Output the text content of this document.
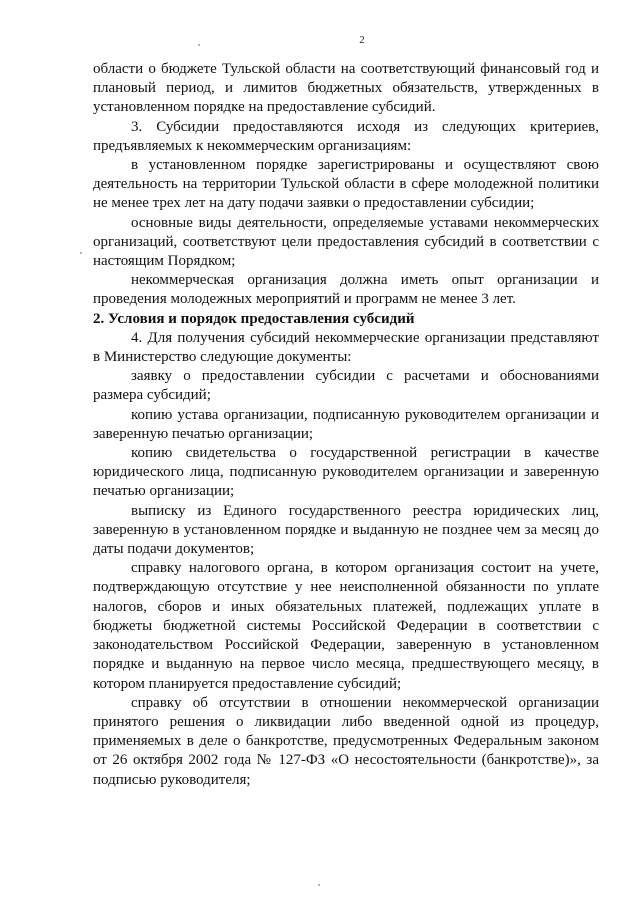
2

области о бюджете Тульской области на соответствующий финансовый год и плановый период, и лимитов бюджетных обязательств, утвержденных в установленном порядке на предоставление субсидий.

3. Субсидии предоставляются исходя из следующих критериев, предъявляемых к некоммерческим организациям:

в установленном порядке зарегистрированы и осуществляют свою деятельность на территории Тульской области в сфере молодежной политики не менее трех лет на дату подачи заявки о предоставлении субсидии;

основные виды деятельности, определяемые уставами некоммерческих организаций, соответствуют цели предоставления субсидий в соответствии с настоящим Порядком;

некоммерческая организация должна иметь опыт организации и проведения молодежных мероприятий и программ не менее 3 лет.

2. Условия и порядок предоставления субсидий

4. Для получения субсидий некоммерческие организации представляют в Министерство следующие документы:

заявку о предоставлении субсидии с расчетами и обоснованиями размера субсидий;

копию устава организации, подписанную руководителем организации и заверенную печатью организации;

копию свидетельства о государственной регистрации в качестве юридического лица, подписанную руководителем организации и заверенную печатью организации;

выписку из Единого государственного реестра юридических лиц, заверенную в установленном порядке и выданную не позднее чем за месяц до даты подачи документов;

справку налогового органа, в котором организация состоит на учете, подтверждающую отсутствие у нее неисполненной обязанности по уплате налогов, сборов и иных обязательных платежей, подлежащих уплате в бюджеты бюджетной системы Российской Федерации в соответствии с законодательством Российской Федерации, заверенную в установленном порядке и выданную на первое число месяца, предшествующего месяцу, в котором планируется предоставление субсидий;

справку об отсутствии в отношении некоммерческой организации принятого решения о ликвидации либо введенной одной из процедур, применяемых в деле о банкротстве, предусмотренных Федеральным законом от 26 октября 2002 года № 127-ФЗ «О несостоятельности (банкротстве)», за подписью руководителя;
